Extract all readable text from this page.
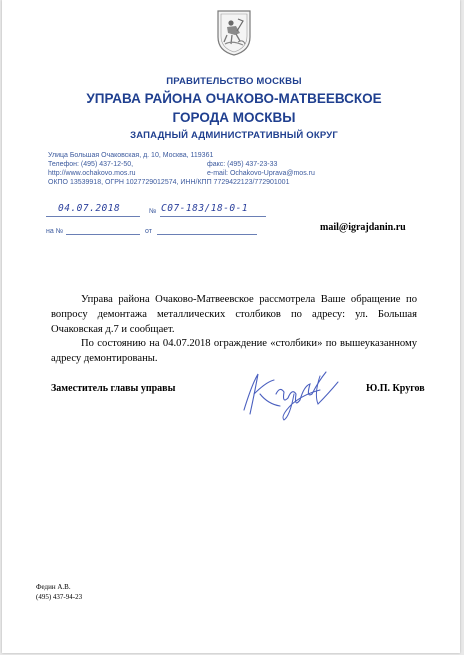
ПРАВИТЕЛЬСТВО МОСКВЫ
УПРАВА РАЙОНА ОЧАКОВО-МАТВЕЕВСКОЕ
ГОРОДА МОСКВЫ
ЗАПАДНЫЙ АДМИНИСТРАТИВНЫЙ ОКРУГ
Улица Большая Очаковская, д. 10, Москва, 119361
Телефон: (495) 437-12-50,	факс: (495) 437-23-33
http://www.ochakovo.mos.ru	e-mail: Ochakovo-Uprava@mos.ru
ОКПО 13539918, ОГРН 1027729012574, ИНН/КПП 7729422123/772901001
04.07.2018	№ С07-183/18-0-1
на №	от	mail@igrajdanin.ru

Управа района Очаково-Матвеевское рассмотрела Ваше обращение по вопросу демонтажа металлических столбиков по адресу: ул. Большая Очаковская д.7 и сообщает.

По состоянию на 04.07.2018 ограждение «столбики» по вышеуказанному адресу демонтированы.

Заместитель главы управы	Ю.П. Кругов
Федин А.В.
(495) 437-94-23
